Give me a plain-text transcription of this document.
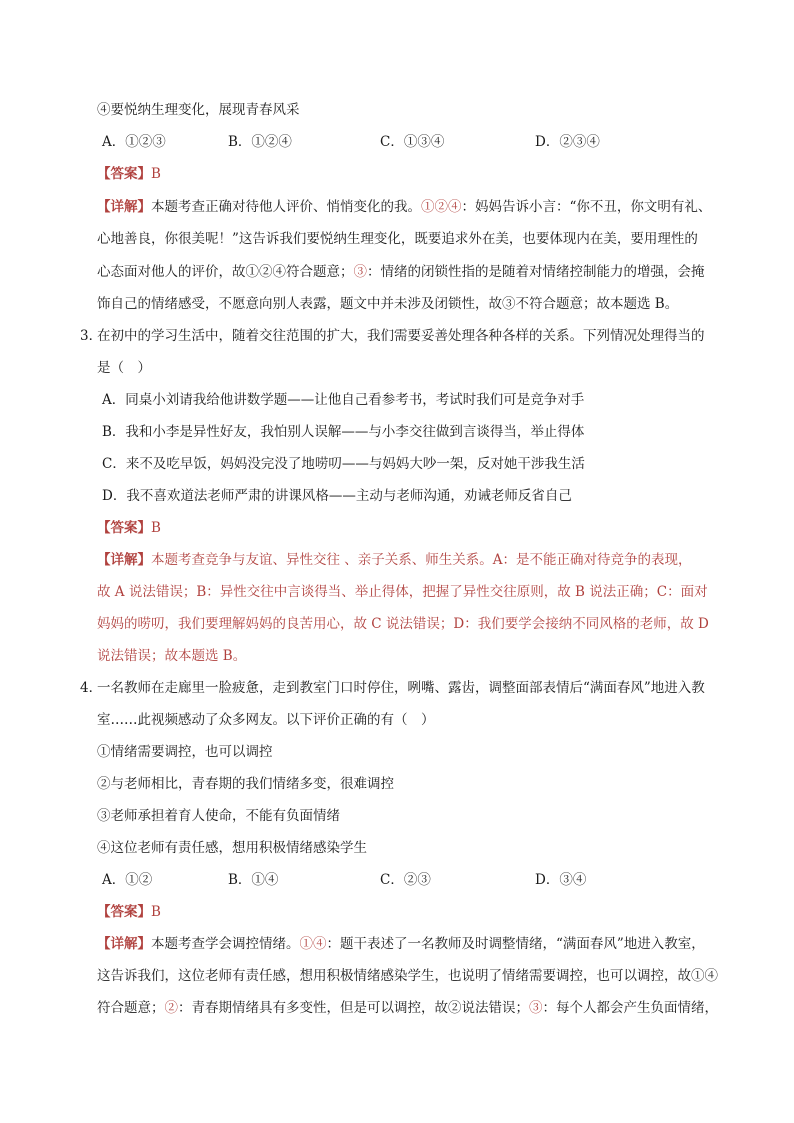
④要悦纳生理变化，展现青春风采
A．①②③	B．①②④	C．①③④	D．②③④
【答案】B
【详解】本题考查正确对待他人评价、悄悄变化的我。①②④：妈妈告诉小言：“你不丑，你文明有礼、
心地善良，你很美呢！”这告诉我们要悦纳生理变化，既要追求外在美，也要体现内在美，要用理性的
心态面对他人的评价，故①②④符合题意；③：情绪的闭锁性指的是随着对情绪控制能力的增强，会掩
饰自己的情绪感受，不愿意向别人表露，题文中并未涉及闭锁性，故③不符合题意；故本题选 B。
3．
在初中的学习生活中，随着交往范围的扩大，我们需要妥善处理各种各样的关系。下列情况处理得当的
是（　）
A．同桌小刘请我给他讲数学题——让他自己看参考书，考试时我们可是竞争对手
B．我和小李是异性好友，我怕别人误解——与小李交往做到言谈得当，举止得体
C．来不及吃早饭，妈妈没完没了地唠叨——与妈妈大吵一架，反对她干涉我生活
D．我不喜欢道法老师严肃的讲课风格——主动与老师沟通，劝诫老师反省自己
【答案】B
【详解】本题考查竞争与友谊、异性交往 、亲子关系、师生关系。A：是不能正确对待竞争的表现，
故 A 说法错误；B：异性交往中言谈得当、举止得体，把握了异性交往原则，故 B 说法正确；C：面对
妈妈的唠叨，我们要理解妈妈的良苦用心，故 C 说法错误；D：我们要学会接纳不同风格的老师，故 D
说法错误；故本题选 B。
4．
一名教师在走廊里一脸疲惫，走到教室门口时停住，咧嘴、露齿，调整面部表情后“满面春风”地进入教
室……此视频感动了众多网友。以下评价正确的有（　）
①情绪需要调控，也可以调控
②与老师相比，青春期的我们情绪多变，很难调控
③老师承担着育人使命，不能有负面情绪
④这位老师有责任感，想用积极情绪感染学生
A．①②	B．①④	C．②③	D．③④
【答案】B
【详解】本题考查学会调控情绪。①④：题干表述了一名教师及时调整情绪，“满面春风”地进入教室，
这告诉我们，这位老师有责任感，想用积极情绪感染学生，也说明了情绪需要调控，也可以调控，故①④
符合题意；②：青春期情绪具有多变性，但是可以调控，故②说法错误；③：每个人都会产生负面情绪，
